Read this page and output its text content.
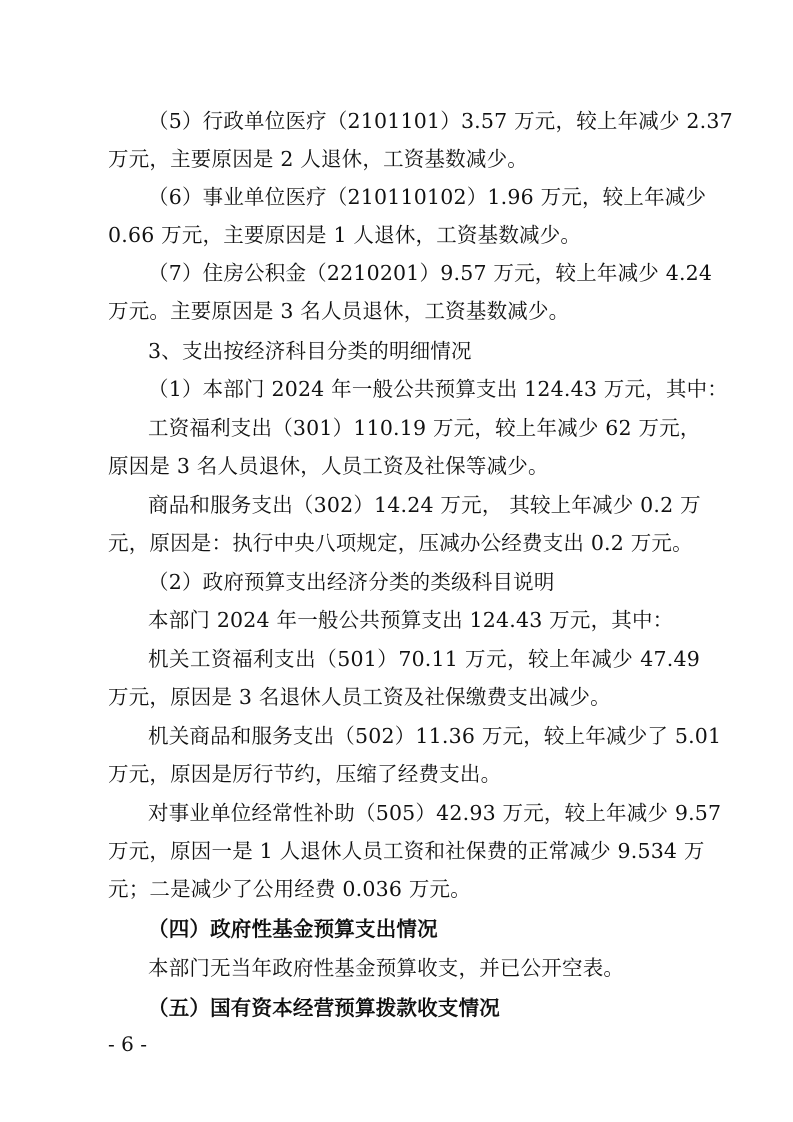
（5）行政单位医疗（2101101）3.57 万元，较上年减少 2.37
万元，主要原因是 2 人退休，工资基数减少。
（6）事业单位医疗（210110102）1.96 万元，较上年减少
0.66 万元，主要原因是 1 人退休，工资基数减少。
（7）住房公积金（2210201）9.57 万元，较上年减少 4.24
万元。主要原因是 3 名人员退休，工资基数减少。
3、支出按经济科目分类的明细情况
（1）本部门 2024 年一般公共预算支出 124.43 万元，其中：
工资福利支出（301）110.19 万元，较上年减少 62 万元，
原因是 3 名人员退休，人员工资及社保等减少。
商品和服务支出（302）14.24 万元， 其较上年减少 0.2 万
元，原因是：执行中央八项规定，压减办公经费支出 0.2 万元。
（2）政府预算支出经济分类的类级科目说明
本部门 2024 年一般公共预算支出 124.43 万元，其中：
机关工资福利支出（501）70.11 万元，较上年减少 47.49
万元，原因是 3 名退休人员工资及社保缴费支出减少。
机关商品和服务支出（502）11.36 万元，较上年减少了 5.01
万元，原因是厉行节约，压缩了经费支出。
对事业单位经常性补助（505）42.93 万元，较上年减少 9.57
万元，原因一是 1 人退休人员工资和社保费的正常减少 9.534 万
元；二是减少了公用经费 0.036 万元。
（四）政府性基金预算支出情况
本部门无当年政府性基金预算收支，并已公开空表。
（五）国有资本经营预算拨款收支情况
- 6 -
